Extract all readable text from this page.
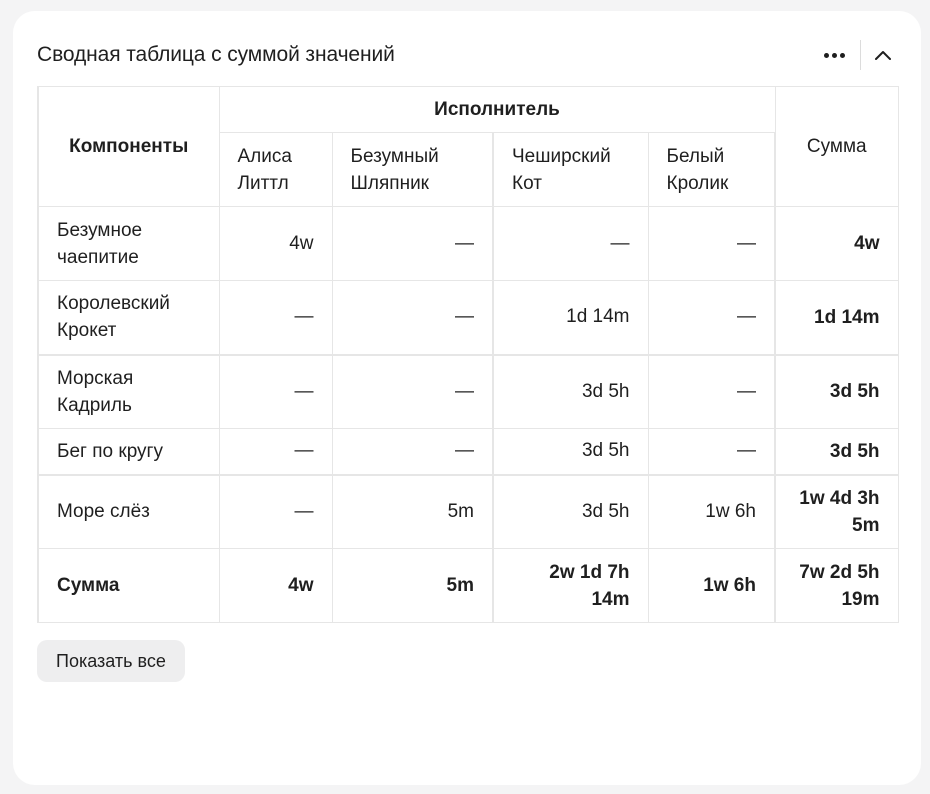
Сводная таблица с суммой значений
Компоненты	Исполнитель				Сумма
	Алиса Литтл	Безумный Шляпник	Чеширский Кот	Белый Кролик	
Безумное чаепитие	4w	—	—	—	4w
Королевский Крокет	—	—	1d 14m	—	1d 14m
Морская Кадриль	—	—	3d 5h	—	3d 5h
Бег по кругу	—	—	3d 5h	—	3d 5h
Море слёз	—	5m	3d 5h	1w 6h	1w 4d 3h 5m
Сумма	4w	5m	2w 1d 7h 14m	1w 6h	7w 2d 5h 19m
Показать все
